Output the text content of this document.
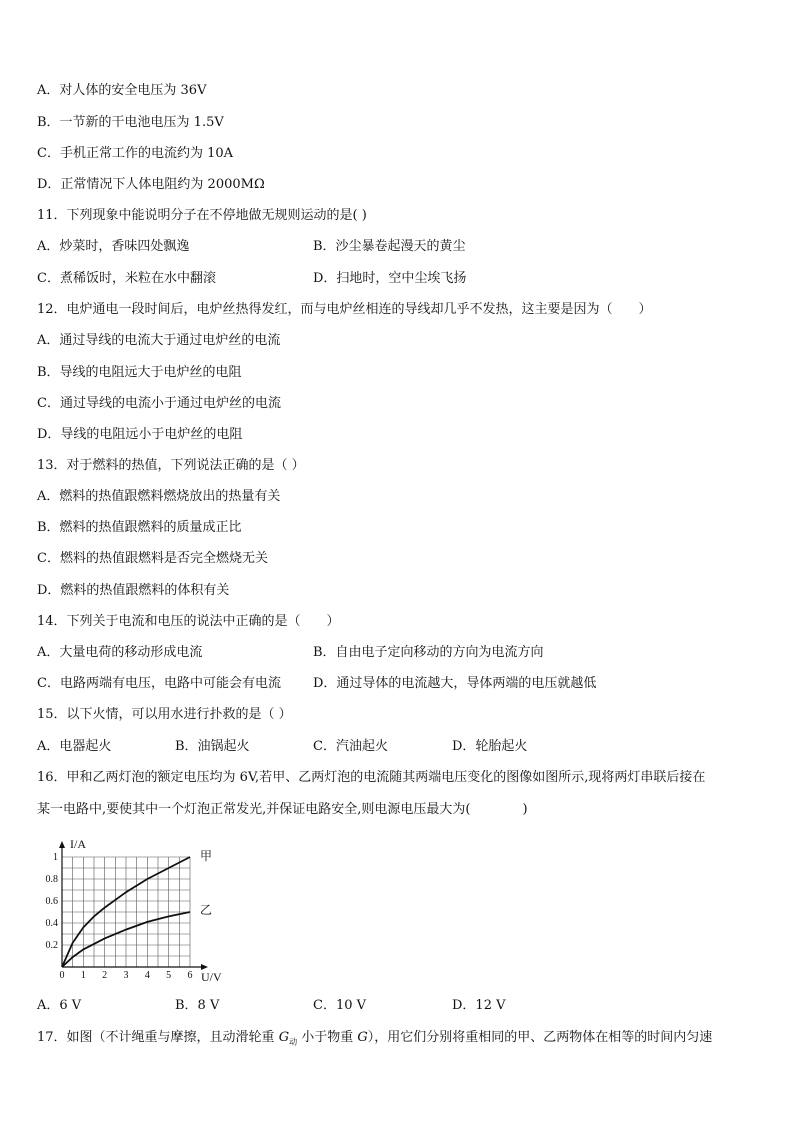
A．对人体的安全电压为 36V
B．一节新的干电池电压为 1.5V
C．手机正常工作的电流约为 10A
D．正常情况下人体电阻约为 2000MΩ
11．下列现象中能说明分子在不停地做无规则运动的是( )
A．炒菜时，香味四处飘逸	B．沙尘暴卷起漫天的黄尘
C．煮稀饭时，米粒在水中翻滚	D．扫地时，空中尘埃飞扬
12．电炉通电一段时间后，电炉丝热得发红，而与电炉丝相连的导线却几乎不发热，这主要是因为（　　）
A．通过导线的电流大于通过电炉丝的电流
B．导线的电阻远大于电炉丝的电阻
C．通过导线的电流小于通过电炉丝的电流
D．导线的电阻远小于电炉丝的电阻
13．对于燃料的热值，下列说法正确的是（ ）
A．燃料的热值跟燃料燃烧放出的热量有关
B．燃料的热值跟燃料的质量成正比
C．燃料的热值跟燃料是否完全燃烧无关
D．燃料的热值跟燃料的体积有关
14．下列关于电流和电压的说法中正确的是（　　）
A．大量电荷的移动形成电流	B．自由电子定向移动的方向为电流方向
C．电路两端有电压，电路中可能会有电流 D．通过导体的电流越大，导体两端的电压就越低
15．以下火情，可以用水进行扑救的是（ ）
A．电器起火	B．油锅起火	C．汽油起火	D．轮胎起火
16．甲和乙两灯泡的额定电压均为 6V,若甲、乙两灯泡的电流随其两端电压变化的图像如图所示,现将两灯串联后接在
某一电路中,要使其中一个灯泡正常发光,并保证电路安全,则电源电压最大为(　　　　)
0 1 2 3 4 5 6
0.2
0.4
0.6
0.8
1
I/A
U/V
甲
乙
A．6 V	B．8 V	C．10 V	D．12 V
17．如图（不计绳重与摩擦，且动滑轮重 $G_动$ 小于物重 G），用它们分别将重相同的甲、乙两物体在相等的时间内匀速
